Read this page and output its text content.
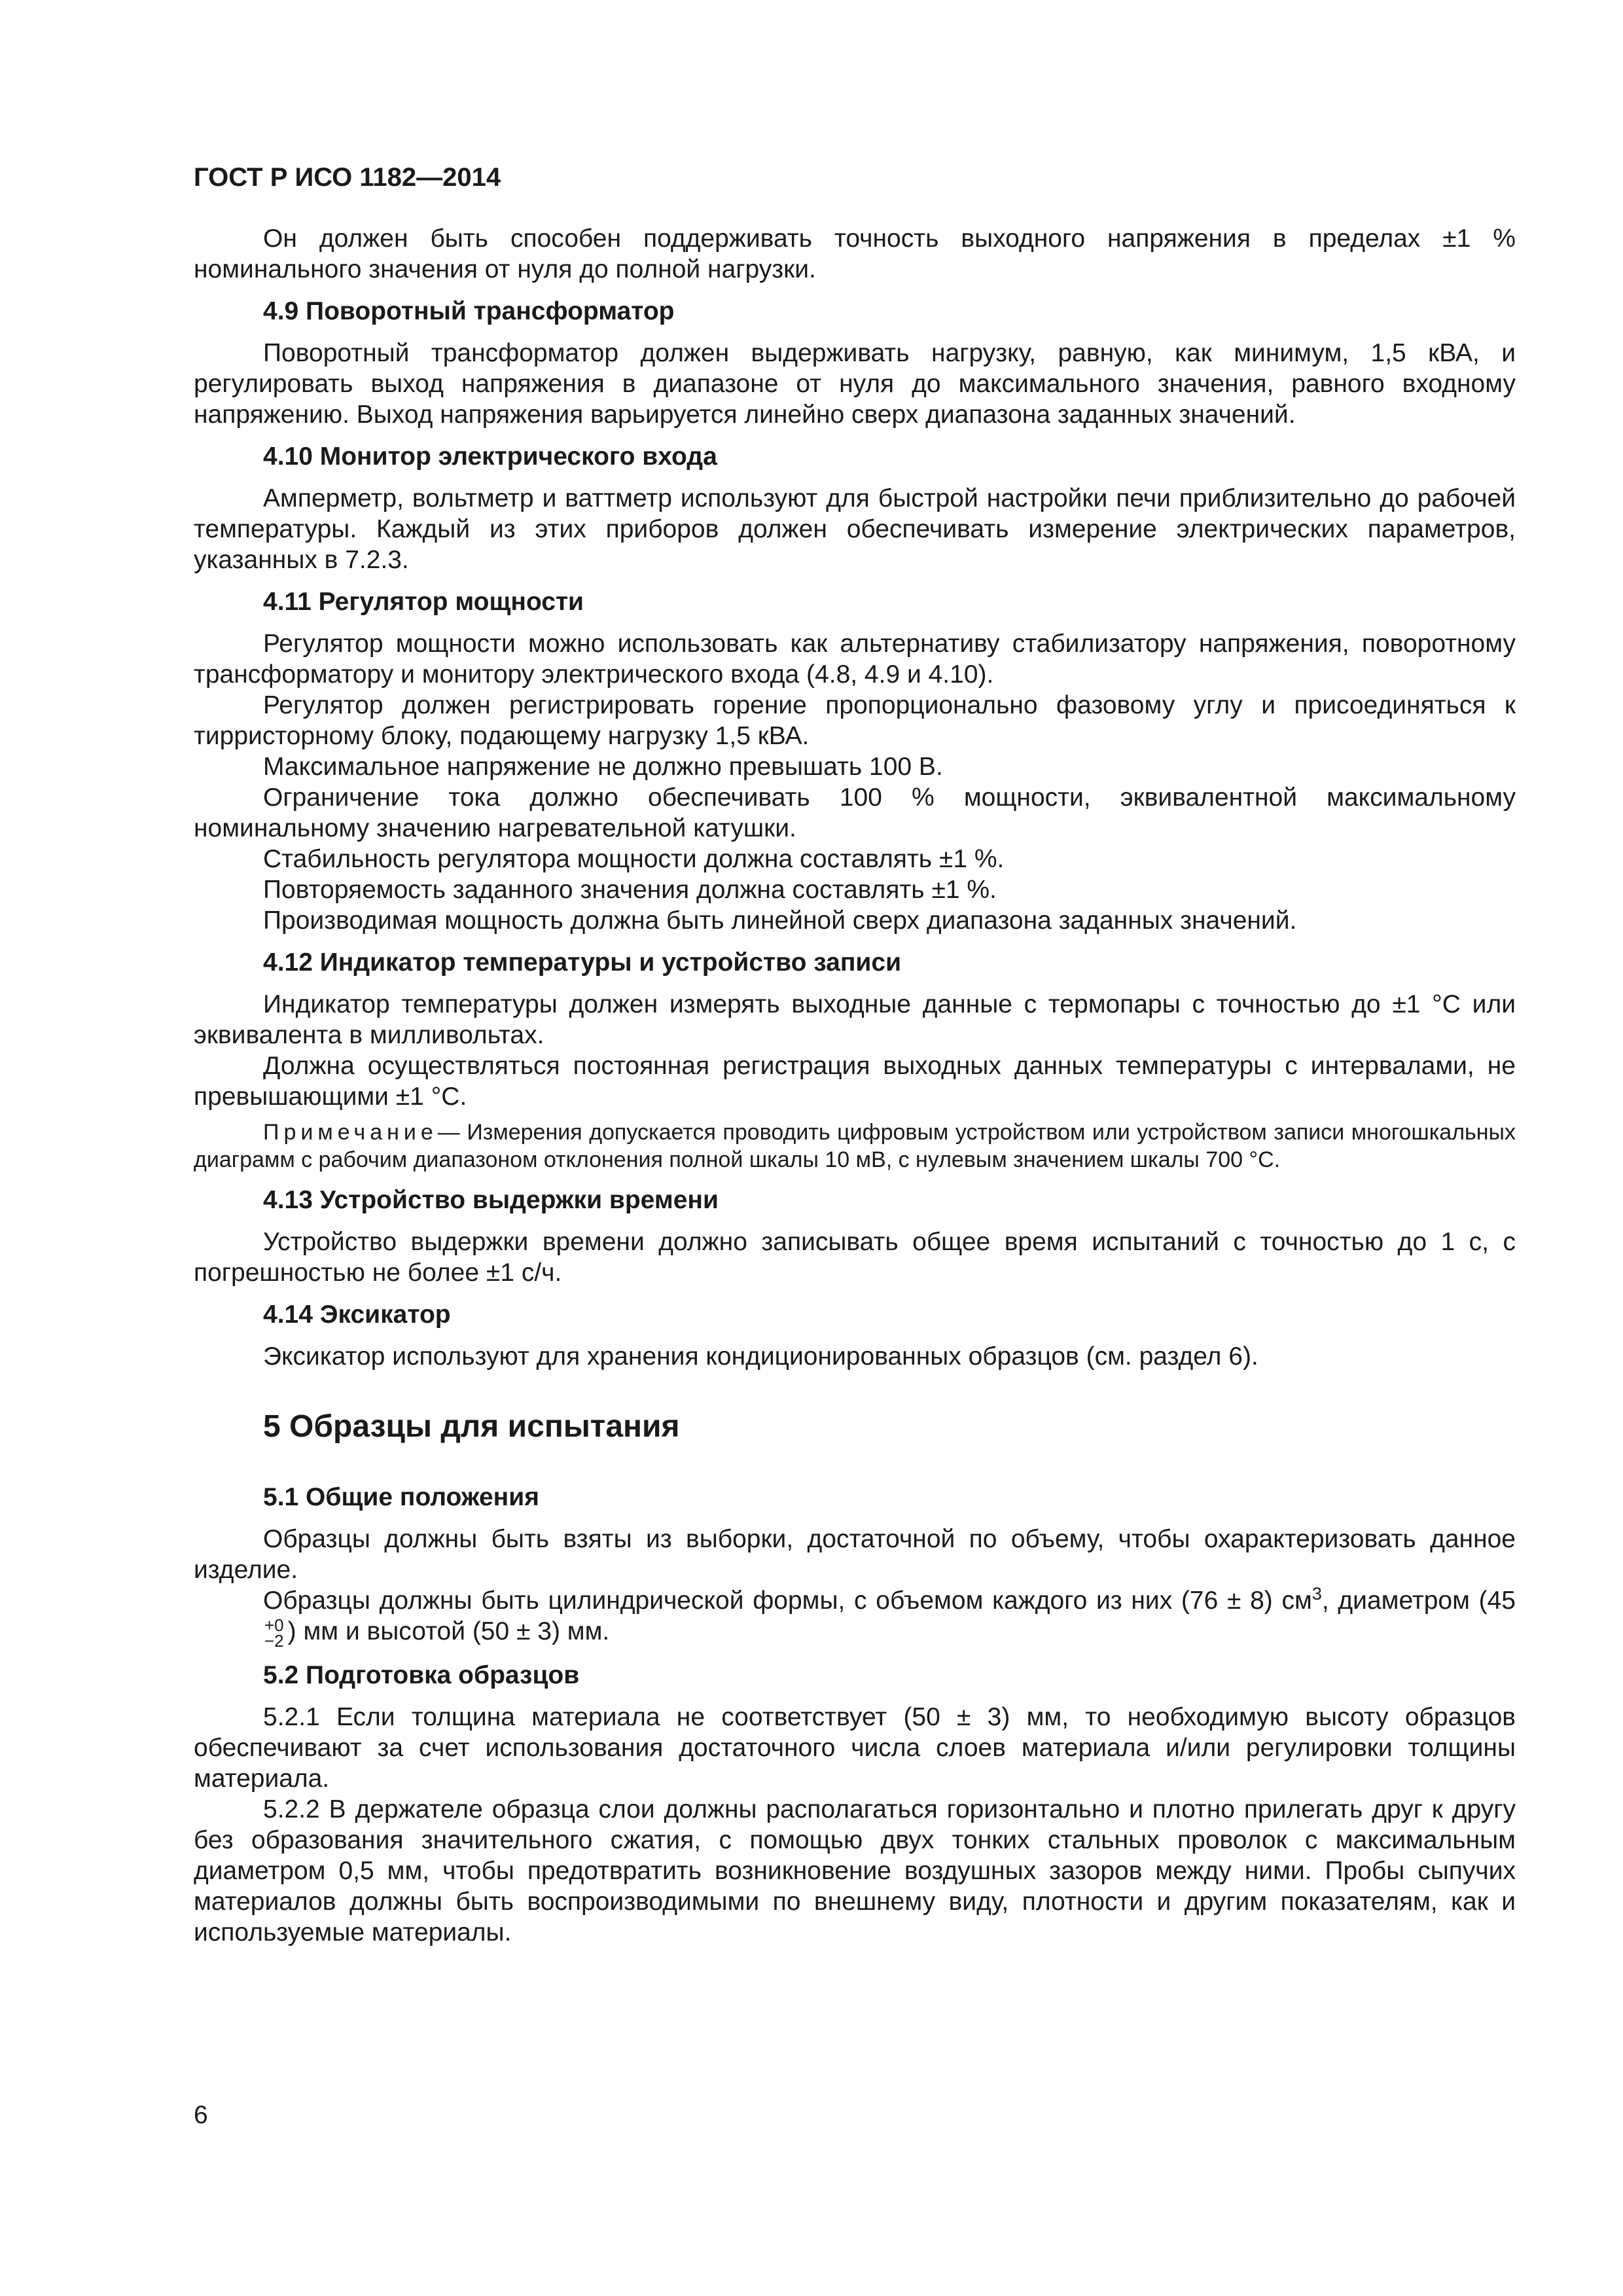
ГОСТ Р ИСО 1182—2014

Он должен быть способен поддерживать точность выходного напряжения в пределах ±1 % номинального значения от нуля до полной нагрузки.

4.9 Поворотный трансформатор

Поворотный трансформатор должен выдерживать нагрузку, равную, как минимум, 1,5 кВА, и регулировать выход напряжения в диапазоне от нуля до максимального значения, равного входному напряжению. Выход напряжения варьируется линейно сверх диапазона заданных значений.

4.10 Монитор электрического входа

Амперметр, вольтметр и ваттметр используют для быстрой настройки печи приблизительно до рабочей температуры. Каждый из этих приборов должен обеспечивать измерение электрических параметров, указанных в 7.2.3.

4.11 Регулятор мощности

Регулятор мощности можно использовать как альтернативу стабилизатору напряжения, поворотному трансформатору и монитору электрического входа (4.8, 4.9 и 4.10).

Регулятор должен регистрировать горение пропорционально фазовому углу и присоединяться к тирристорному блоку, подающему нагрузку 1,5 кВА.

Максимальное напряжение не должно превышать 100 В.

Ограничение тока должно обеспечивать 100 % мощности, эквивалентной максимальному номинальному значению нагревательной катушки.

Стабильность регулятора мощности должна составлять ±1 %.

Повторяемость заданного значения должна составлять ±1 %.

Производимая мощность должна быть линейной сверх диапазона заданных значений.

4.12 Индикатор температуры и устройство записи

Индикатор температуры должен измерять выходные данные с термопары с точностью до ±1 °С или эквивалента в милливольтах.

Должна осуществляться постоянная регистрация выходных данных температуры с интервалами, не превышающими ±1 °С.

Примечание— Измерения допускается проводить цифровым устройством или устройством записи многошкальных диаграмм с рабочим диапазоном отклонения полной шкалы 10 мВ, с нулевым значением шкалы 700 °С.
4.13 Устройство выдержки времени

Устройство выдержки времени должно записывать общее время испытаний с точностью до 1 с, с погрешностью не более ±1 с/ч.

4.14 Эксикатор

Эксикатор используют для хранения кондиционированных образцов (см. раздел 6).

5 Образцы для испытания
5.1 Общие положения

Образцы должны быть взяты из выборки, достаточной по объему, чтобы охарактеризовать данное изделие.

Образцы должны быть цилиндрической формы, с объемом каждого из них (76 ± 8) $см^3$, диаметром (45
+0
−2 ) мм и высотой (50 ± 3) мм.

5.2 Подготовка образцов

5.2.1 Если толщина материала не соответствует (50 ± 3) мм, то необходимую высоту образцов обеспечивают за счет использования достаточного числа слоев материала и/или регулировки толщины материала.

5.2.2 В держателе образца слои должны располагаться горизонтально и плотно прилегать друг к другу без образования значительного сжатия, с помощью двух тонких стальных проволок с максимальным диаметром 0,5 мм, чтобы предотвратить возникновение воздушных зазоров между ними. Пробы сыпучих материалов должны быть воспроизводимыми по внешнему виду, плотности и другим показателям, как и используемые материалы.

6
